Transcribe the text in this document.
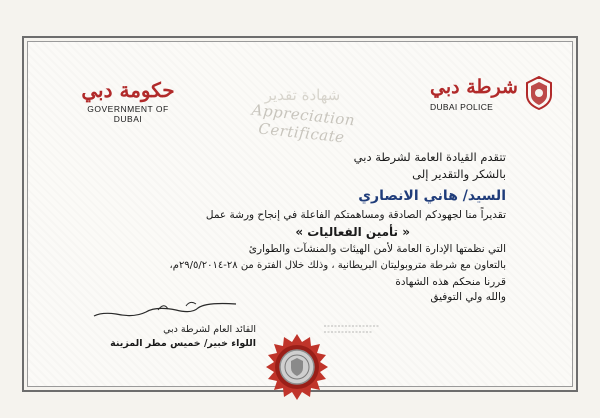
حكومة دبي
GOVERNMENT OF DUBAI
شهادة تقدير
Appreciation Certificate
شرطة دبي
DUBAI POLICE
تتقدم القيادة العامة لشرطة دبي
بالشكر والتقدير إلى
السيد/ هاني الانصاري
تقديراً منا لجهودكم الصادقة ومساهمتكم الفاعلة في إنجاح ورشة عمل
« تأمين الفعاليات »
التي نظمتها الإدارة العامة لأمن الهيئات والمنشآت والطوارئ
بالتعاون مع شرطة متروبوليتان البريطانية ، وذلك خلال الفترة من ٢٨-٢٩/٥/٢٠١٤م،
قررنا منحكم هذه الشهادة
والله ولي التوفيق
القائد العام لشرطة دبي
اللواء خبير/ خميس مطر المزينة
